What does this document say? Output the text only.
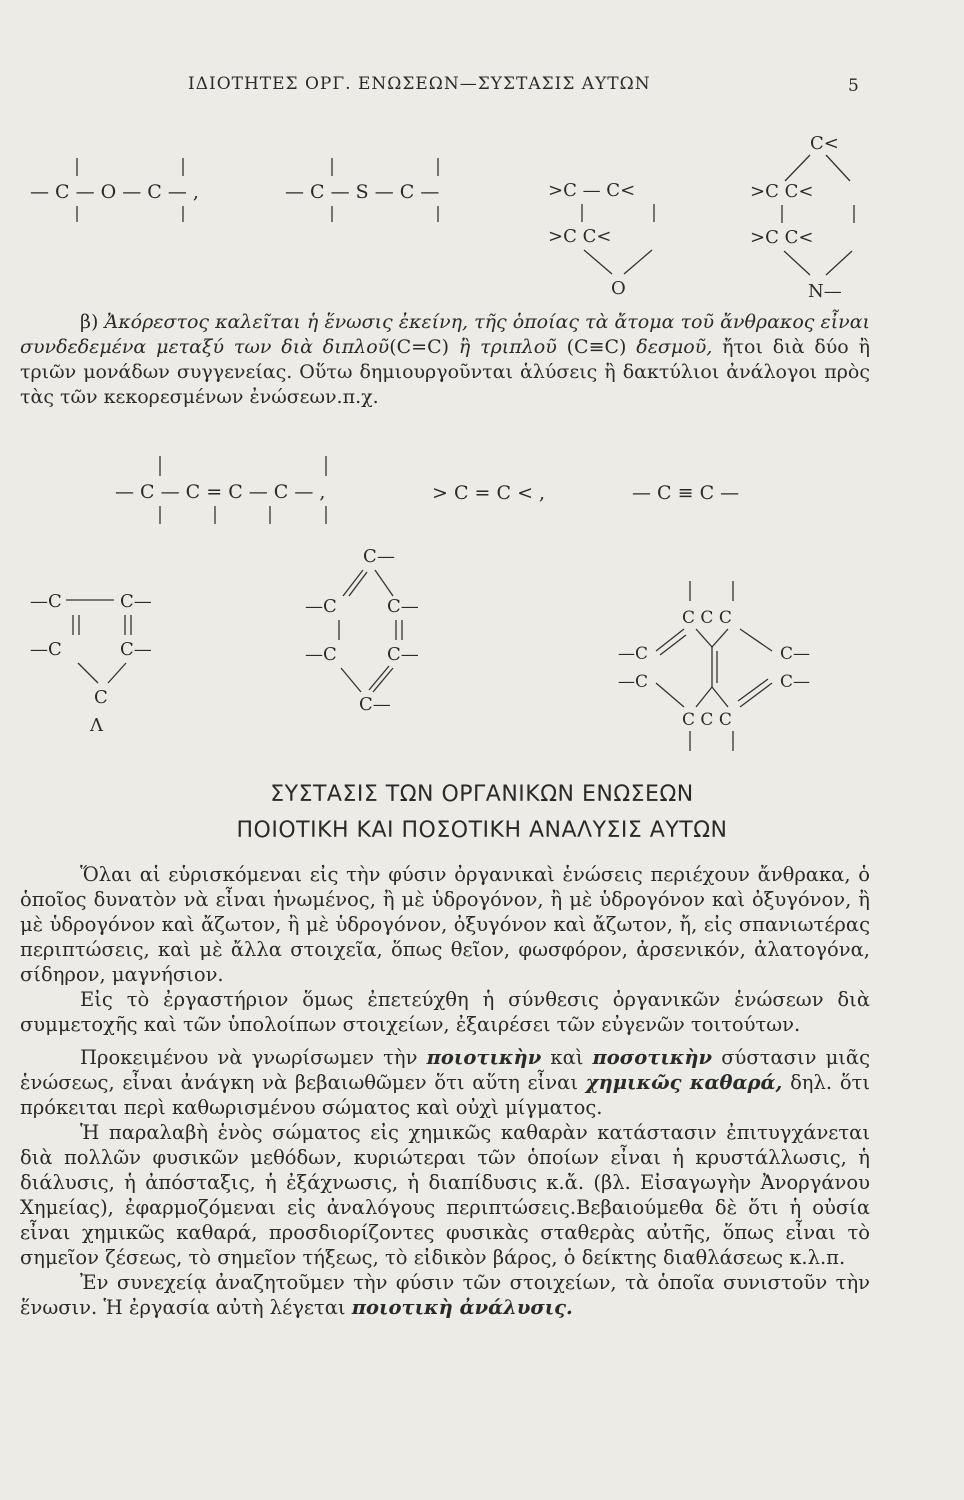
ΙΔΙΟΤΗΤΕΣ ΟΡΓ. ΕΝΩΣΕΩΝ—ΣΥΣΤΑΣΙΣ ΑΥΤΩΝ	5
— C — O — C — ,	— C — S — C —	>C — C<
>C C<
O
C<
>C C<
>C C<
N—

β) Ἀκόρεστος καλεῖται ἡ ἕνωσις ἐκείνη, τῆς ὁποίας τὰ ἄτομα τοῦ ἄνθρακος εἶναι συνδεδεμένα μεταξύ των διὰ διπλοῦ(C=C) ἢ τριπλοῦ (C≡C) δεσμοῦ, ἤτοι διὰ δύο ἢ τριῶν μονάδων συγγενείας. Οὕτω δημιουργοῦνται ἁλύσεις ἢ δακτύλιοι ἀνάλογοι πρὸς τὰς τῶν κεκορεσμένων ἐνώσεων.π.χ.

— C — C = C — C — ,	> C = C < ,	— C ≡ C —
—C	C—
—C	C—
C
Λ
C —
—C	C—
—C	C—
C—
C C C
—C
—C
C—
C—
C C C
C
ΣΥΣΤΑΣΙΣ ΤΩΝ ΟΡΓΑΝΙΚΩΝ ΕΝΩΣΕΩΝ
ΠΟΙΟΤΙΚΗ ΚΑΙ ΠΟΣΟΤΙΚΗ ΑΝΑΛΥΣΙΣ ΑΥΤΩΝ

Ὅλαι αἱ εὑρισκόμεναι εἰς τὴν φύσιν ὀργανικαὶ ἑνώσεις περιέχουν ἄνθρακα, ὁ ὁποῖος δυνατὸν νὰ εἶναι ἡνωμένος, ἢ μὲ ὑδρογόνον, ἢ μὲ ὑδρογόνον καὶ ὀξυγόνον, ἢ μὲ ὑδρογόνον καὶ ἄζωτον, ἢ μὲ ὑδρογόνον, ὀξυγόνον καὶ ἄζωτον, ἤ, εἰς σπανιωτέρας περιπτώσεις, καὶ μὲ ἄλλα στοιχεῖα, ὅπως θεῖον, φωσφόρον, ἀρσενικόν, ἀλατογόνα, σίδηρον, μαγνήσιον.

Εἰς τὸ ἐργαστήριον ὅμως ἐπετεύχθη ἡ σύνθεσις ὀργανικῶν ἑνώσεων διὰ συμμετοχῆς καὶ τῶν ὑπολοίπων στοιχείων, ἐξαιρέσει τῶν εὐγενῶν τοιτούτων.

Προκειμένου νὰ γνωρίσωμεν τὴν ποιοτικὴν καὶ ποσοτικὴν σύστασιν μιᾶς ἑνώσεως, εἶναι ἀνάγκη νὰ βεβαιωθῶμεν ὅτι αὕτη εἶναι χημικῶς καθαρά, δηλ. ὅτι πρόκειται περὶ καθωρισμένου σώματος καὶ οὐχὶ μίγματος.

Ἡ παραλαβὴ ἑνὸς σώματος εἰς χημικῶς καθαρὰν κατάστασιν ἐπιτυγχάνεται διὰ πολλῶν φυσικῶν μεθόδων, κυριώτεραι τῶν ὁποίων εἶναι ἡ κρυστάλλωσις, ἡ διάλυσις, ἡ ἀπόσταξις, ἡ ἐξάχνωσις, ἡ διαπίδυσις κ.ἄ. (βλ. Εἰσαγωγὴν Ἀνοργάνου Χημείας), ἐφαρμοζόμεναι εἰς ἀναλόγους περιπτώσεις.Βεβαιούμεθα δὲ ὅτι ἡ οὐσία εἶναι χημικῶς καθαρά, προσδιορίζοντες φυσικὰς σταθερὰς αὐτῆς, ὅπως εἶναι τὸ σημεῖον ζέσεως, τὸ σημεῖον τήξεως, τὸ εἰδικὸν βάρος, ὁ δείκτης διαθλάσεως κ.λ.π.

Ἐν συνεχείᾳ ἀναζητοῦμεν τὴν φύσιν τῶν στοιχείων, τὰ ὁποῖα συνιστοῦν τὴν ἕνωσιν. Ἡ ἐργασία αὐτὴ λέγεται ποιοτικὴ ἀνάλυσις.
